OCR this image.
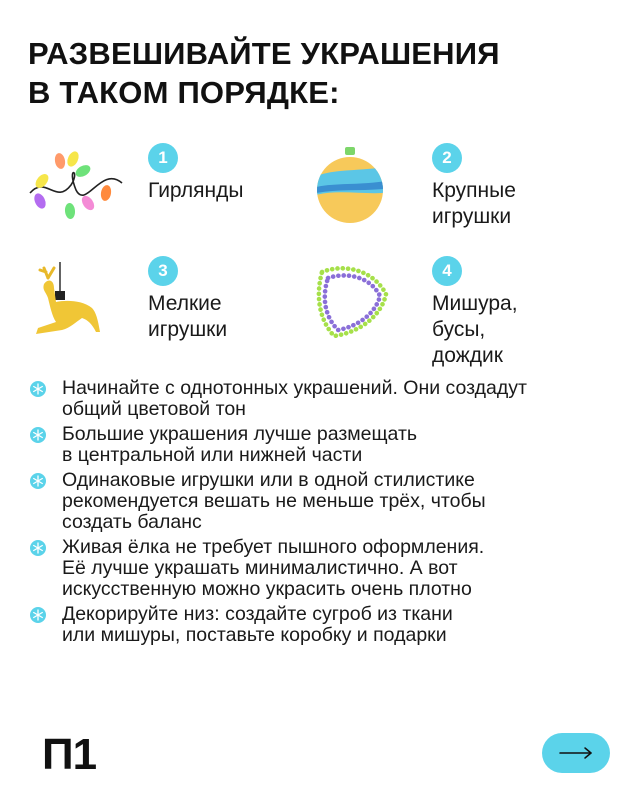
РАЗВЕШИВАЙТЕ УКРАШЕНИЯ
В ТАКОМ ПОРЯДКЕ:
1
Гирлянды
2
Крупные
игрушки
3
Мелкие
игрушки
4
Мишура,
бусы, дождик
Начинайте с однотонных украшений. Они создадут
общий цветовой тон
Большие украшения лучше размещать
в центральной или нижней части
Одинаковые игрушки или в одной стилистике
рекомендуется вешать не меньше трёх, чтобы
создать баланс
Живая ёлка не требует пышного оформления.
Её лучше украшать минималистично. А вот
искусственную можно украсить очень плотно
Декорируйте низ: создайте сугроб из ткани
или мишуры, поставьте коробку и подарки
П1
